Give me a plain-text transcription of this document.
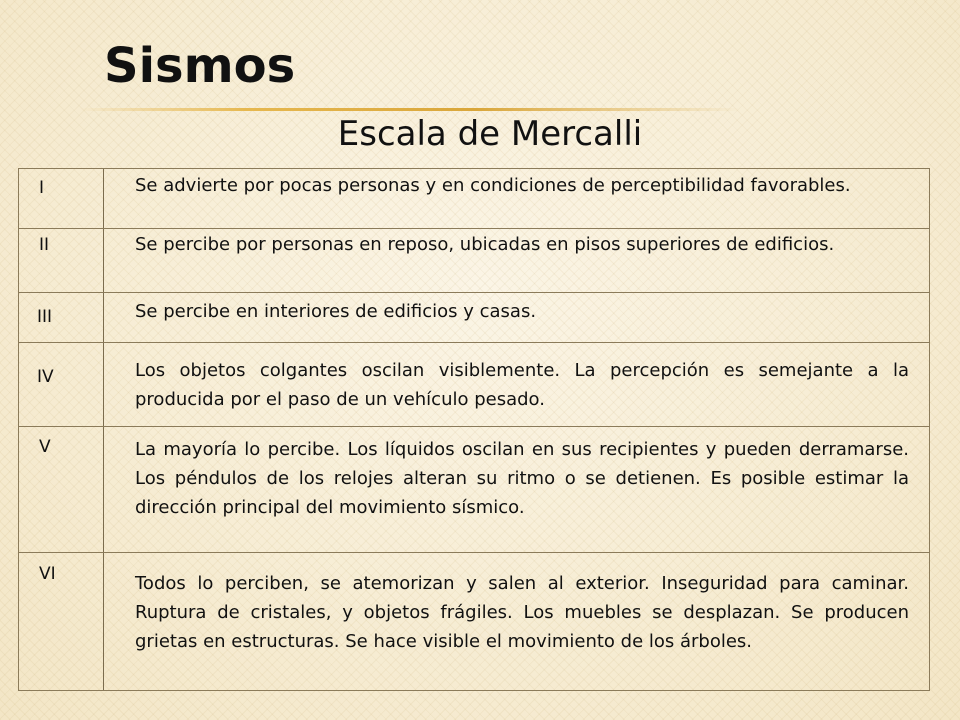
Sismos
Escala de Mercalli
I	Se advierte por pocas personas y en condiciones de perceptibilidad favorables.
II	Se percibe por personas en reposo, ubicadas en pisos superiores de edificios.
III	Se percibe en interiores de edificios y casas.
IV	Los objetos colgantes oscilan visiblemente. La percepción es semejante a la producida por el paso de un vehículo pesado.
V	La mayoría lo percibe. Los líquidos oscilan en sus recipientes y pueden derramarse. Los péndulos de los relojes alteran su ritmo o se detienen. Es posible estimar la dirección principal del movimiento sísmico.
VI	Todos lo perciben, se atemorizan y salen al exterior. Inseguridad para caminar. Ruptura de cristales, y objetos frágiles. Los muebles se desplazan. Se producen grietas en estructuras. Se hace visible el movimiento de los árboles.
